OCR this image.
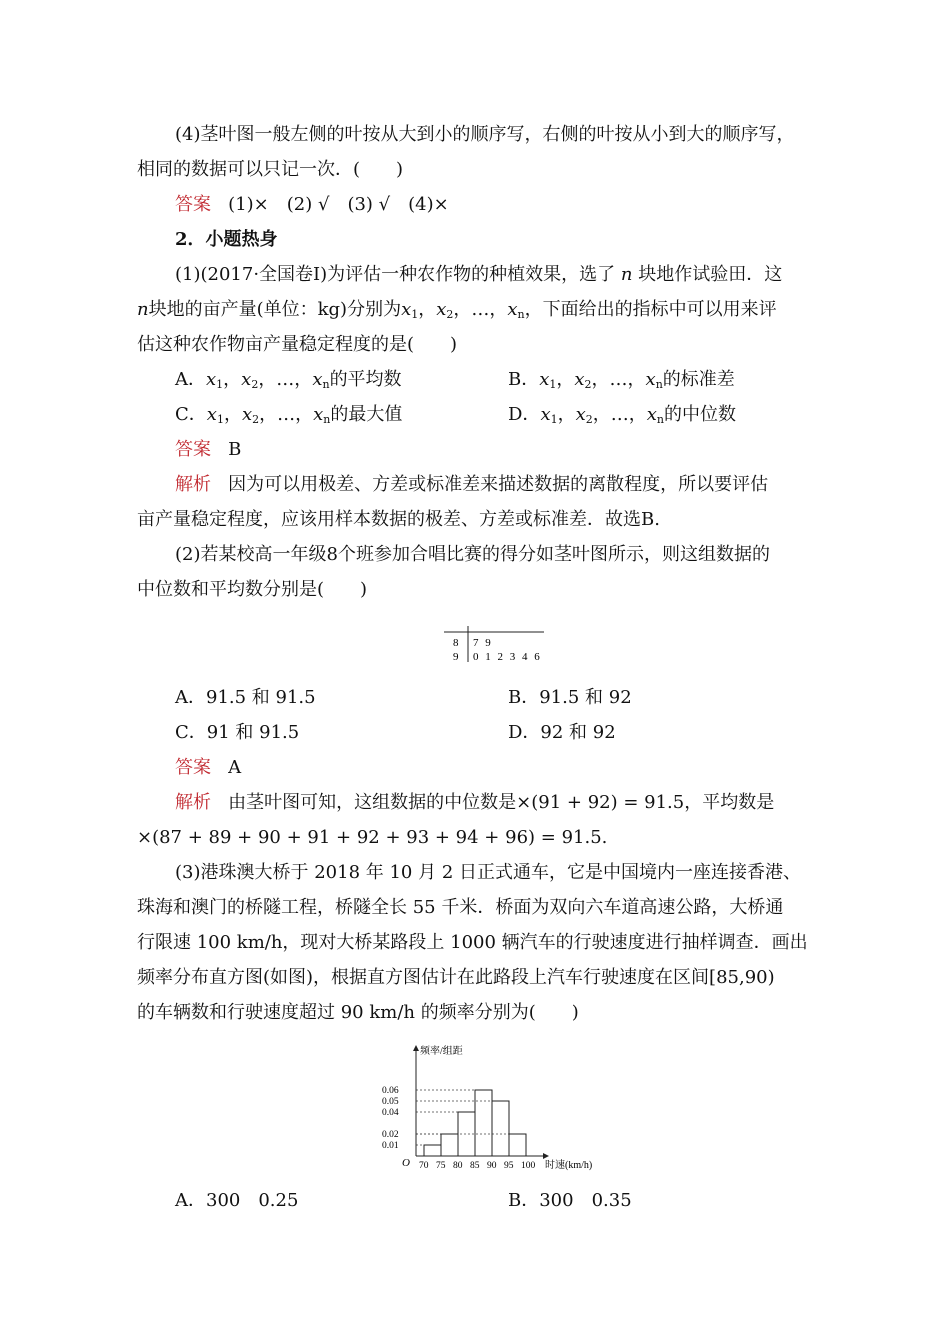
(4)茎叶图一般左侧的叶按从大到小的顺序写，右侧的叶按从小到大的顺序写，
相同的数据可以只记一次．(　　)
答案 (1)×　(2) √　(3) √　(4)×
2．小题热身
(1)(2017·全国卷Ⅰ)为评估一种农作物的种植效果，选了 n 块地作试验田．这
n块地的亩产量(单位：kg)分别为$x_1$，$x_2$，…，$x_n$，下面给出的指标中可以用来评
估这种农作物亩产量稳定程度的是(　　)
A．$x_1$，$x_2$，…，$x_n$的平均数	B．$x_1$，$x_2$，…，$x_n$的标准差
C．$x_1$，$x_2$，…，$x_n$的最大值	D．$x_1$，$x_2$，…，$x_n$的中位数
答案 B
解析 因为可以用极差、方差或标准差来描述数据的离散程度，所以要评估
亩产量稳定程度，应该用样本数据的极差、方差或标准差．故选B.
(2)若某校高一年级8个班参加合唱比赛的得分如茎叶图所示，则这组数据的
中位数和平均数分别是(　　)
8 7 9
9 0 1 2 3 4 6
A．91.5 和 91.5	B．91.5 和 92
C．91 和 91.5	D．92 和 92
答案 A
解析 由茎叶图可知，这组数据的中位数是×(91 + 92) = 91.5，平均数是
×(87 + 89 + 90 + 91 + 92 + 93 + 94 + 96) = 91.5.
(3)港珠澳大桥于 2018 年 10 月 2 日正式通车，它是中国境内一座连接香港、
珠海和澳门的桥隧工程，桥隧全长 55 千米．桥面为双向六车道高速公路，大桥通
行限速 100 km/h，现对大桥某路段上 1000 辆汽车的行驶速度进行抽样调查．画出
频率分布直方图(如图)，根据直方图估计在此路段上汽车行驶速度在区间[85,90)
的车辆数和行驶速度超过 90 km/h 的频率分别为(　　)
频率/组距
时速(km/h)
O
0.01
0.02
0.04
0.05
0.06
70 75 80 85 90 95 100
A．300　0.25	B．300　0.35
